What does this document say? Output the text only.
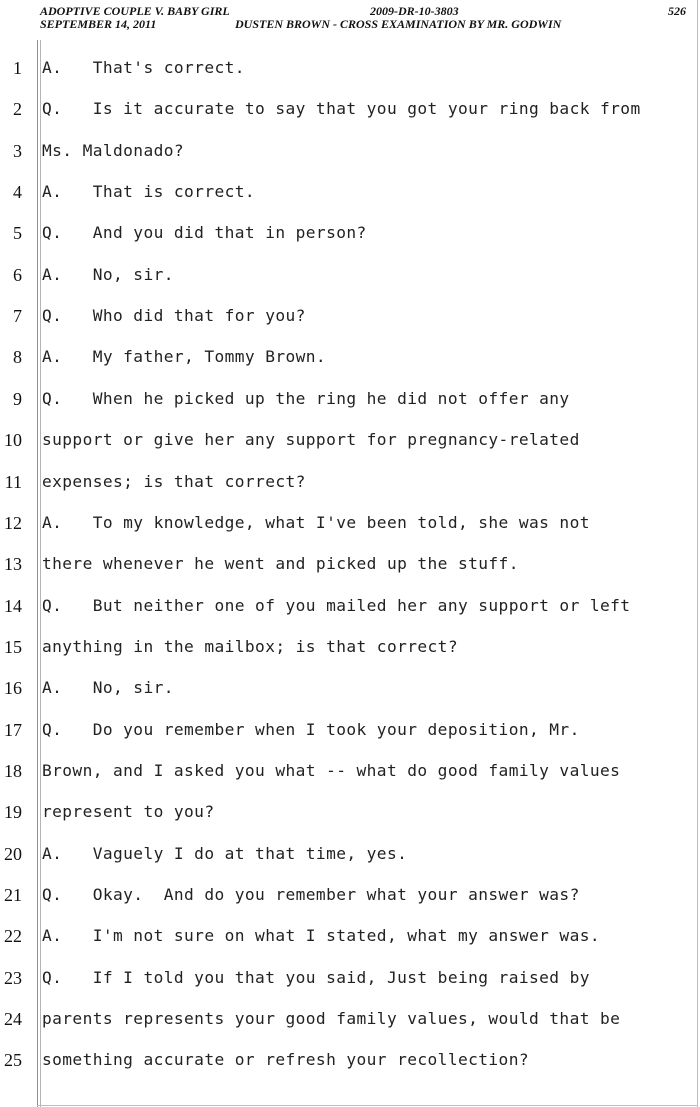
ADOPTIVE COUPLE V. BABY GIRL	2009-DR-10-3803	526
SEPTEMBER 14, 2011	DUSTEN BROWN - CROSS EXAMINATION BY MR. GODWIN
1 A.   That's correct.
2 Q.   Is it accurate to say that you got your ring back from
3 Ms. Maldonado?
4 A.   That is correct.
5 Q.   And you did that in person?
6 A.   No, sir.
7 Q.   Who did that for you?
8 A.   My father, Tommy Brown.
9 Q.   When he picked up the ring he did not offer any
10 support or give her any support for pregnancy-related
11 expenses; is that correct?
12 A.   To my knowledge, what I've been told, she was not
13 there whenever he went and picked up the stuff.
14 Q.   But neither one of you mailed her any support or left
15 anything in the mailbox; is that correct?
16 A.   No, sir.
17 Q.   Do you remember when I took your deposition, Mr.
18 Brown, and I asked you what -- what do good family values
19 represent to you?
20 A.   Vaguely I do at that time, yes.
21 Q.   Okay.  And do you remember what your answer was?
22 A.   I'm not sure on what I stated, what my answer was.
23 Q.   If I told you that you said, Just being raised by
24 parents represents your good family values, would that be
25 something accurate or refresh your recollection?
